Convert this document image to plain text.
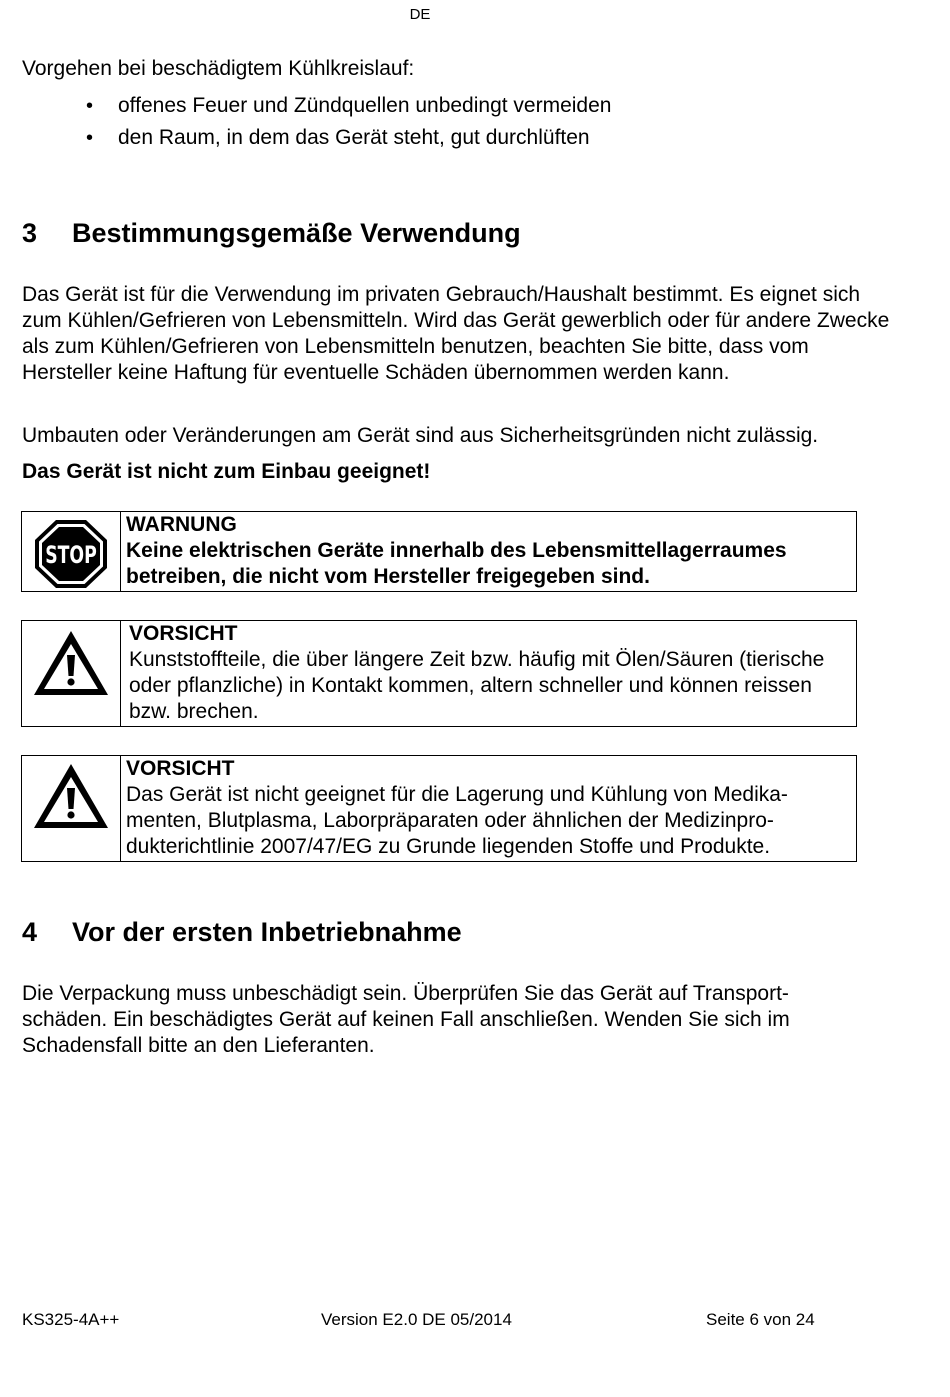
DE
Vorgehen bei beschädigtem Kühlkreislauf:
• offenes Feuer und Zündquellen unbedingt vermeiden
• den Raum, in dem das Gerät steht, gut durchlüften
3 Bestimmungsgemäße Verwendung
Das Gerät ist für die Verwendung im privaten Gebrauch/Haushalt bestimmt. Es eignet sich zum Kühlen/Gefrieren von Lebensmitteln. Wird das Gerät gewerblich oder für andere Zwecke als zum Kühlen/Gefrieren von Lebensmitteln benutzen, beachten Sie bitte, dass vom Hersteller keine Haftung für eventuelle Schäden übernommen werden kann.
Umbauten oder Veränderungen am Gerät sind aus Sicherheitsgründen nicht zulässig.
Das Gerät ist nicht zum Einbau geeignet!
STOP
WARNUNG
Keine elektrischen Geräte innerhalb des Lebensmittellagerraumes betreiben, die nicht vom Hersteller freigegeben sind.
VORSICHT
Kunststoffteile, die über längere Zeit bzw. häufig mit Ölen/Säuren (tierische oder pflanzliche) in Kontakt kommen, altern schneller und können reissen bzw. brechen.
VORSICHT
Das Gerät ist nicht geeignet für die Lagerung und Kühlung von Medika-menten, Blutplasma, Laborpräparaten oder ähnlichen der Medizinpro-dukterichtlinie 2007/47/EG zu Grunde liegenden Stoffe und Produkte.
4 Vor der ersten Inbetriebnahme
Die Verpackung muss unbeschädigt sein. Überprüfen Sie das Gerät auf Transport-schäden. Ein beschädigtes Gerät auf keinen Fall anschließen. Wenden Sie sich im Schadensfall bitte an den Lieferanten.
KS325-4A++	Version E2.0 DE 05/2014	Seite 6 von 24
